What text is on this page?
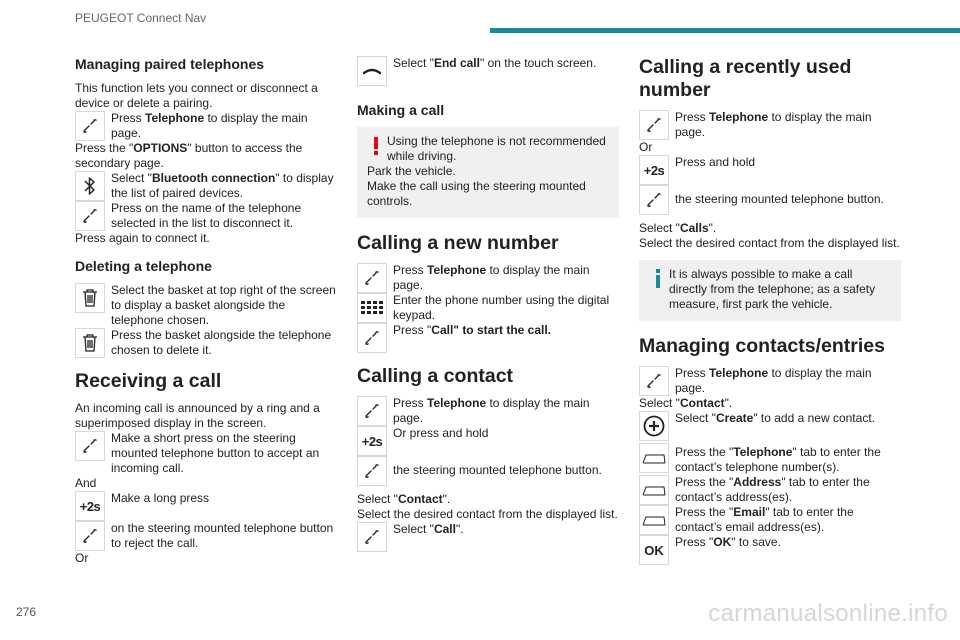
PEUGEOT Connect Nav
Managing paired telephones

This function lets you connect or disconnect a device or delete a pairing.

Press Telephone to display the main page.

Press the "OPTIONS" button to access the secondary page.

Select "Bluetooth connection" to display the list of paired devices.

Press on the name of the telephone selected in the list to disconnect it.

Press again to connect it.

Deleting a telephone

Select the basket at top right of the screen to display a basket alongside the telephone chosen.

Press the basket alongside the telephone chosen to delete it.

Receiving a call

An incoming call is announced by a ring and a superimposed display in the screen.

Make a short press on the steering mounted telephone button to accept an incoming call.

And

+2s

Make a long press

on the steering mounted telephone button to reject the call.

Or

Select "End call" on the touch screen.

Making a call

Using the telephone is not recommended while driving.

Park the vehicle.

Make the call using the steering mounted controls.

Calling a new number

Press Telephone to display the main page.

Enter the phone number using the digital keypad.

Press "Call" to start the call.

Calling a contact

Press Telephone to display the main page.

+2s

Or press and hold

the steering mounted telephone button.

Select "Contact".

Select the desired contact from the displayed list.

Select "Call".

Calling a recently used number

Press Telephone to display the main page.

Or

+2s

Press and hold

the steering mounted telephone button.

Select "Calls".

Select the desired contact from the displayed list.

It is always possible to make a call directly from the telephone; as a safety measure, first park the vehicle.

Managing contacts/entries

Press Telephone to display the main page.

Select "Contact".

Select "Create" to add a new contact.

Press the "Telephone" tab to enter the contact’s telephone number(s).

Press the "Address" tab to enter the contact’s address(es).

Press the "Email" tab to enter the contact’s email address(es).

OK

Press "OK" to save.

276	carmanualsonline.info
